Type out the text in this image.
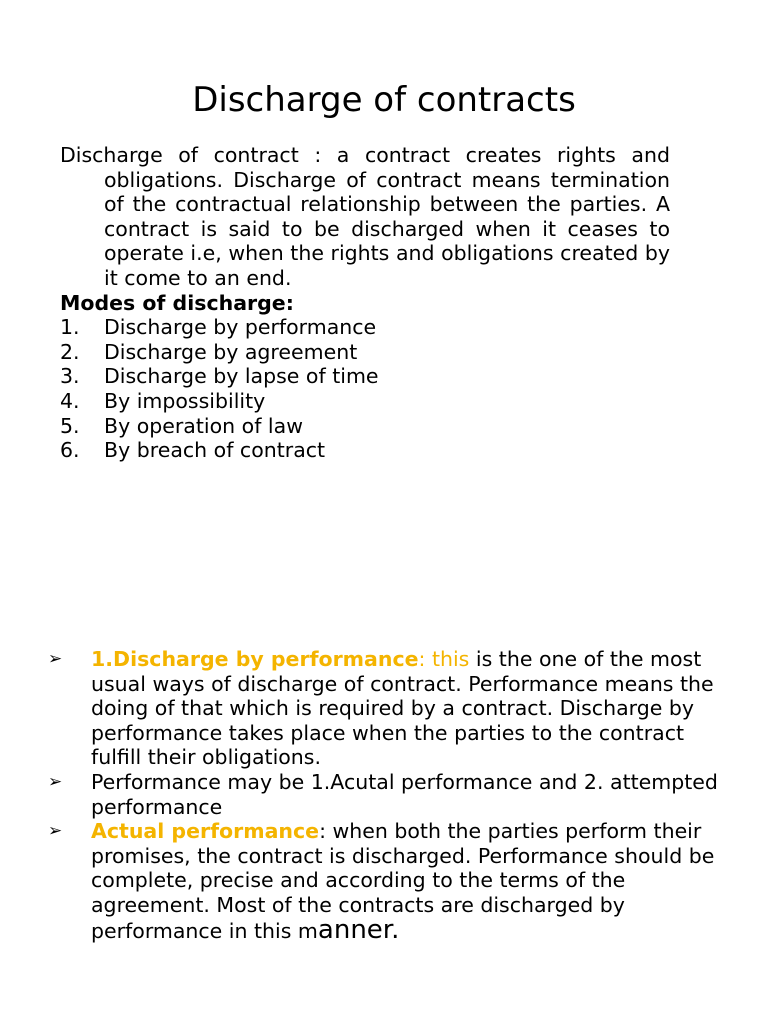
Discharge of contracts

Discharge of contract : a contract creates rights and obligations. Discharge of contract means termination of the contractual relationship between the parties. A contract is said to be discharged when it ceases to operate i.e, when the rights and obligations created by it come to an end.

Modes of discharge:

1. Discharge by performance
2. Discharge by agreement
3. Discharge by lapse of time
4. By impossibility
5. By operation of law
6. By breach of contract
➢ 1.Discharge by performance: this is the one of the most usual ways of discharge of contract. Performance means the doing of that which is required by a contract. Discharge by performance takes place when the parties to the contract fulfill their obligations.
➢ Performance may be 1.Acutal performance and 2. attempted performance
➢ Actual performance: when both the parties perform their promises, the contract is discharged. Performance should be complete, precise and according to the terms of the agreement. Most of the contracts are discharged by performance in this manner.
